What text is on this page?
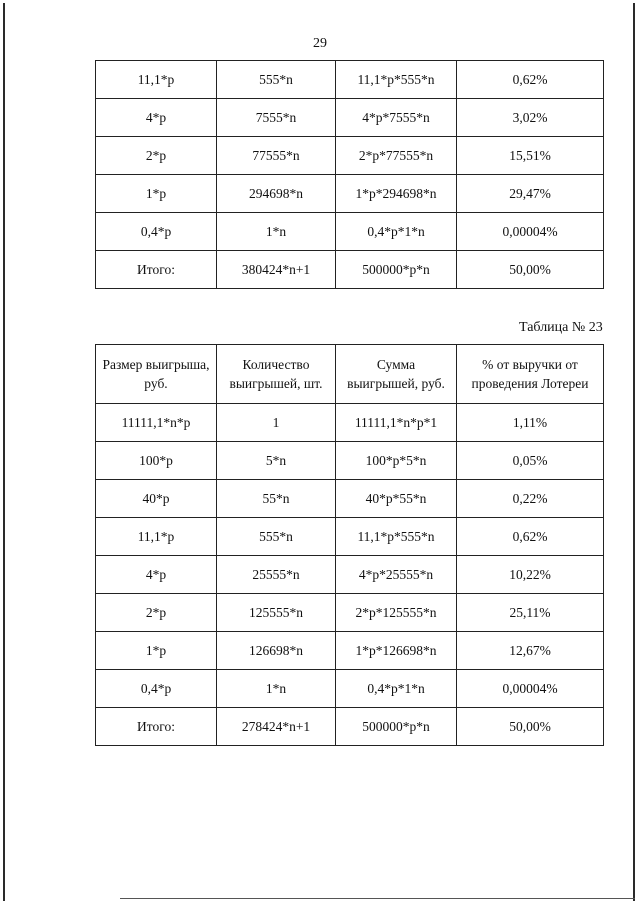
29
11,1*р	555*n	11,1*р*555*n	0,62%
4*р	7555*n	4*р*7555*n	3,02%
2*р	77555*n	2*р*77555*n	15,51%
1*р	294698*n	1*р*294698*n	29,47%
0,4*р	1*n	0,4*р*1*n	0,00004%
Итого:	380424*n+1	500000*р*n	50,00%
Таблица № 23
Размер выигрыша, руб.	Количество выигрышей, шт.	Сумма выигрышей, руб.	% от выручки от проведения Лотереи
11111,1*n*р	1	11111,1*n*р*1	1,11%
100*р	5*n	100*р*5*n	0,05%
40*р	55*n	40*р*55*n	0,22%
11,1*р	555*n	11,1*р*555*n	0,62%
4*р	25555*n	4*р*25555*n	10,22%
2*р	125555*n	2*р*125555*n	25,11%
1*р	126698*n	1*р*126698*n	12,67%
0,4*р	1*n	0,4*р*1*n	0,00004%
Итого:	278424*n+1	500000*р*n	50,00%
